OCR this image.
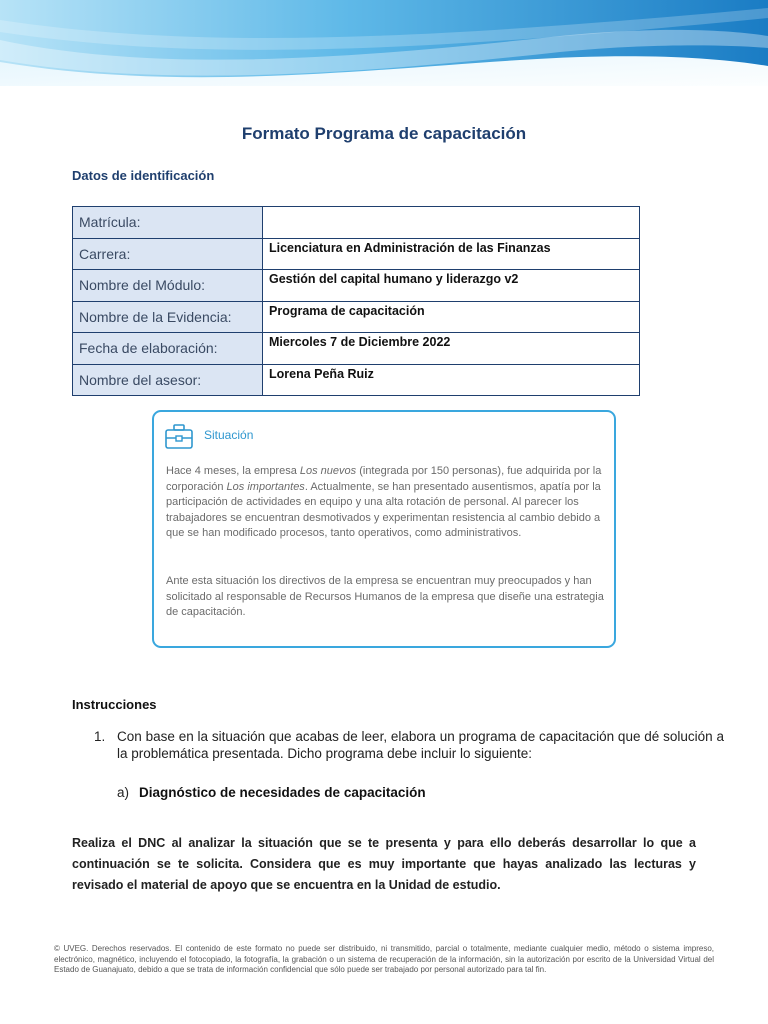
Formato Programa de capacitación
Datos de identificación
Matrícula:	
Carrera:	Licenciatura en Administración de las Finanzas
Nombre del Módulo:	Gestión del capital humano y liderazgo v2
Nombre de la Evidencia:	Programa de capacitación
Fecha de elaboración:	Miercoles 7 de Diciembre 2022
Nombre del asesor:	Lorena Peña Ruiz
Situación

Hace 4 meses, la empresa Los nuevos (integrada por 150 personas), fue adquirida por la corporación Los importantes. Actualmente, se han presentado ausentismos, apatía por la participación de actividades en equipo y una alta rotación de personal. Al parecer los trabajadores se encuentran desmotivados y experimentan resistencia al cambio debido a que se han modificado procesos, tanto operativos, como administrativos.

Ante esta situación los directivos de la empresa se encuentran muy preocupados y han solicitado al responsable de Recursos Humanos de la empresa que diseñe una estrategia de capacitación.

Instrucciones
1. Con base en la situación que acabas de leer, elabora un programa de capacitación que dé solución a la problemática presentada. Dicho programa debe incluir lo siguiente:
a) Diagnóstico de necesidades de capacitación

Realiza el DNC al analizar la situación que se te presenta y para ello deberás desarrollar lo que a continuación se te solicita. Considera que es muy importante que hayas analizado las lecturas y revisado el material de apoyo que se encuentra en la Unidad de estudio.

© UVEG. Derechos reservados. El contenido de este formato no puede ser distribuido, ni transmitido, parcial o totalmente, mediante cualquier medio, método o sistema impreso, electrónico, magnético, incluyendo el fotocopiado, la fotografía, la grabación o un sistema de recuperación de la información, sin la autorización por escrito de la Universidad Virtual del Estado de Guanajuato, debido a que se trata de información confidencial que sólo puede ser trabajado por personal autorizado para tal fin.
